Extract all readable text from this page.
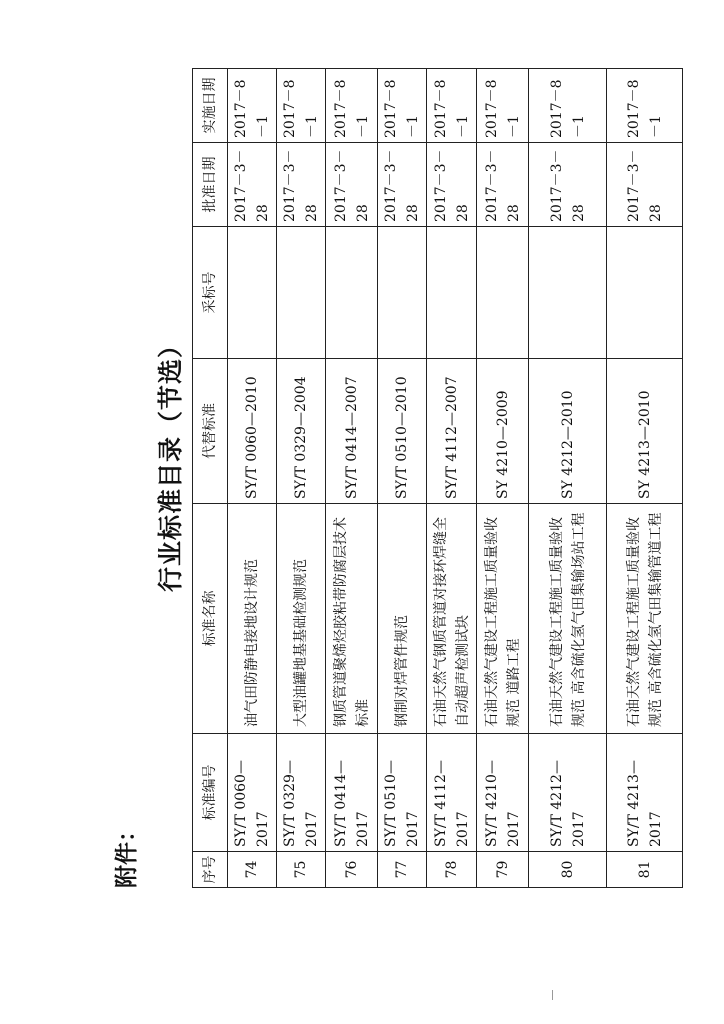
附件：
行业标准目录（节选）
序号	标准编号	标准名称	代替标准	采标号	批准日期	实施日期
74	SY/T 0060—2017	油气田防静电接地设计规范	SY/T 0060—2010		2017－3－28	2017－8－1
75	SY/T 0329—2017	大型油罐地基基础检测规范	SY/T 0329—2004		2017－3－28	2017－8－1
76	SY/T 0414—2017	钢质管道聚烯烃胶粘带防腐层技术标准	SY/T 0414—2007		2017－3－28	2017－8－1
77	SY/T 0510—2017	钢制对焊管件规范	SY/T 0510—2010		2017－3－28	2017－8－1
78	SY/T 4112—2017	石油天然气钢质管道对接环焊缝全自动超声检测试块	SY/T 4112—2007		2017－3－28	2017－8－1
79	SY/T 4210—2017	石油天然气建设工程施工质量验收规范 道路工程	SY 4210—2009		2017－3－28	2017－8－1
80	SY/T 4212—2017	石油天然气建设工程施工质量验收规范 高含硫化氢气田集输场站工程	SY 4212—2010		2017－3－28	2017－8－1
81	SY/T 4213—2017	石油天然气建设工程施工质量验收规范 高含硫化氢气田集输管道工程	SY 4213—2010		2017－3－28	2017－8－1
